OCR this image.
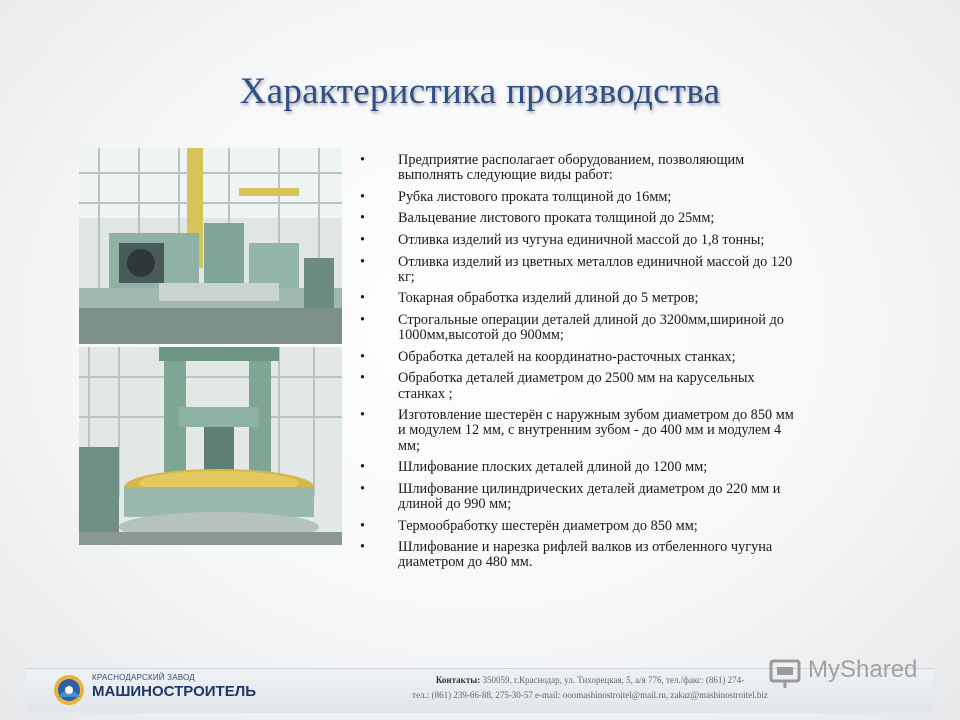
Характеристика производства
• Предприятие располагает оборудованием, позволяющим выполнять следующие виды работ:
• Рубка листового проката толщиной до 16мм;
• Вальцевание листового проката толщиной до 25мм;
• Отливка изделий из чугуна единичной массой до 1,8 тонны;
• Отливка изделий из цветных металлов единичной массой до 120 кг;
• Токарная обработка изделий длиной до 5 метров;
• Строгальные операции деталей длиной до 3200мм,шириной до 1000мм,высотой до 900мм;
• Обработка деталей на координатно-расточных станках;
• Обработка деталей диаметром до 2500 мм на карусельных станках ;
• Изготовление шестерён с наружным зубом диаметром до 850 мм и модулем 12 мм, с внутренним зубом - до 400 мм и модулем 4 мм;
• Шлифование плоских деталей длиной до 1200 мм;
• Шлифование цилиндрических деталей диаметром до 220 мм и длиной до 990 мм;
• Термообработку шестерён диаметром до 850 мм;
• Шлифование и нарезка рифлей валков из отбеленного чугуна диаметром до 480 мм.
КРАСНОДАРСКИЙ ЗАВОД
МАШИНОСТРОИТЕЛЬ
Контакты: 350059, г.Краснодар, ул. Тихорецкая, 5, а/я 776, тел./факс: (861) 274-
тел.: (861) 239-66-88, 275-30-57 e-mail: ooomashinostroitel@mail.ru, zakaz@mashinostroitel.biz
MyShared
